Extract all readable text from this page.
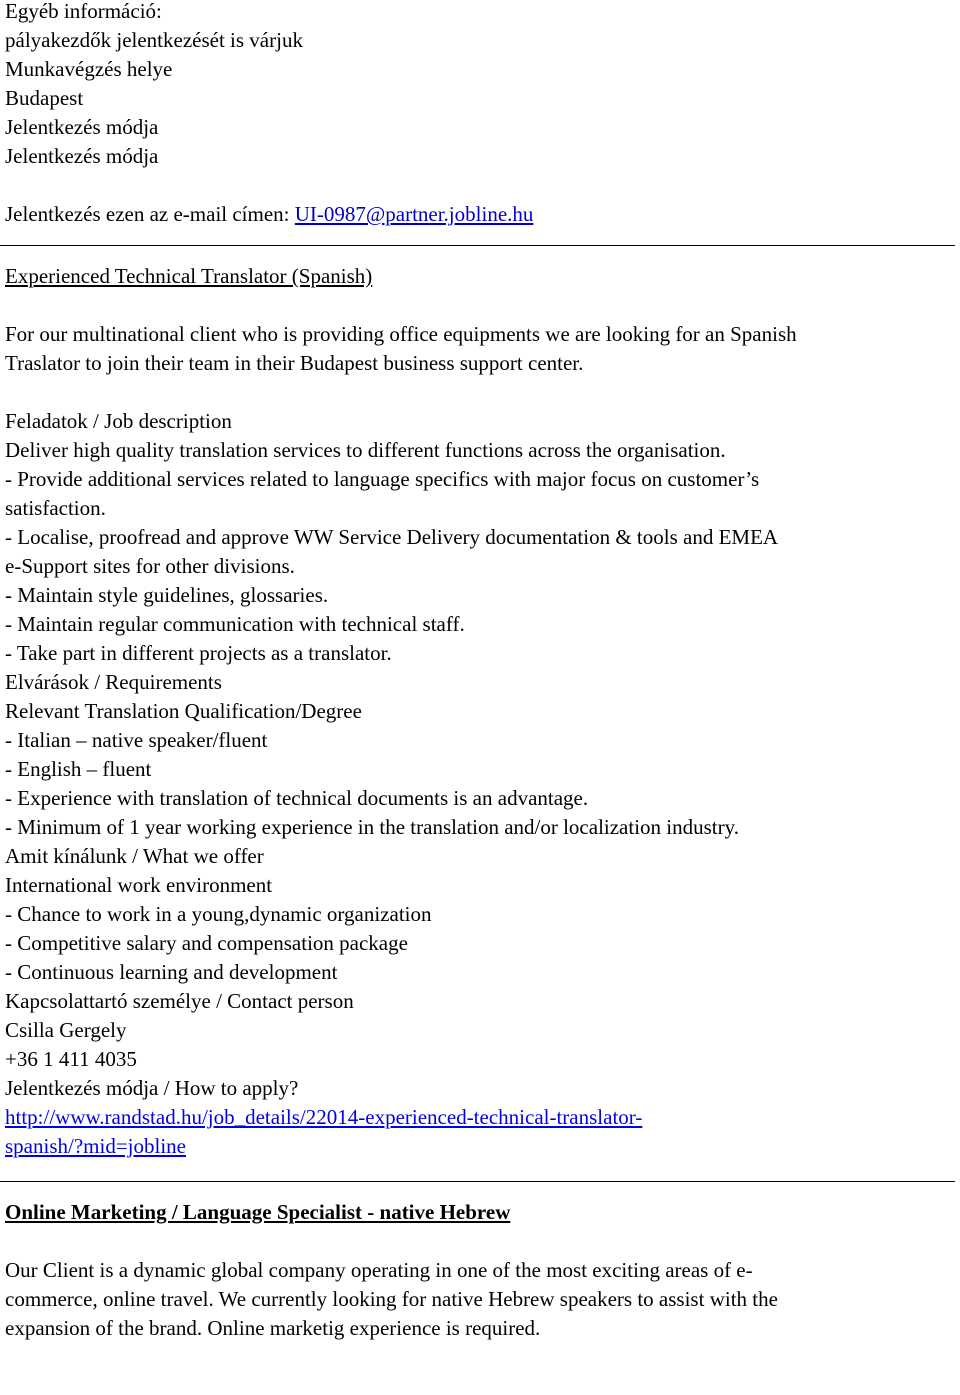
Egyéb információ:
pályakezdők jelentkezését is várjuk
Munkavégzés helye
Budapest
Jelentkezés módja
Jelentkezés módja
Jelentkezés ezen az e-mail címen: UI-0987@partner.jobline.hu
Experienced Technical Translator (Spanish)
For our multinational client who is providing office equipments we are looking for an Spanish
Traslator to join their team in their Budapest business support center.
Feladatok / Job description
Deliver high quality translation services to different functions across the organisation.
- Provide additional services related to language specifics with major focus on customer’s
satisfaction.
- Localise, proofread and approve WW Service Delivery documentation & tools and EMEA
e-Support sites for other divisions.
- Maintain style guidelines, glossaries.
- Maintain regular communication with technical staff.
- Take part in different projects as a translator.
Elvárások / Requirements
Relevant Translation Qualification/Degree
- Italian – native speaker/fluent
- English – fluent
- Experience with translation of technical documents is an advantage.
- Minimum of 1 year working experience in the translation and/or localization industry.
Amit kínálunk / What we offer
International work environment
- Chance to work in a young,dynamic organization
- Competitive salary and compensation package
- Continuous learning and development
Kapcsolattartó személye / Contact person
Csilla Gergely
+36 1 411 4035
Jelentkezés módja / How to apply?
http://www.randstad.hu/job_details/22014-experienced-technical-translator-
spanish/?mid=jobline
Online Marketing / Language Specialist - native Hebrew
Our Client is a dynamic global company operating in one of the most exciting areas of e-
commerce, online travel. We currently looking for native Hebrew speakers to assist with the
expansion of the brand. Online marketig experience is required.
